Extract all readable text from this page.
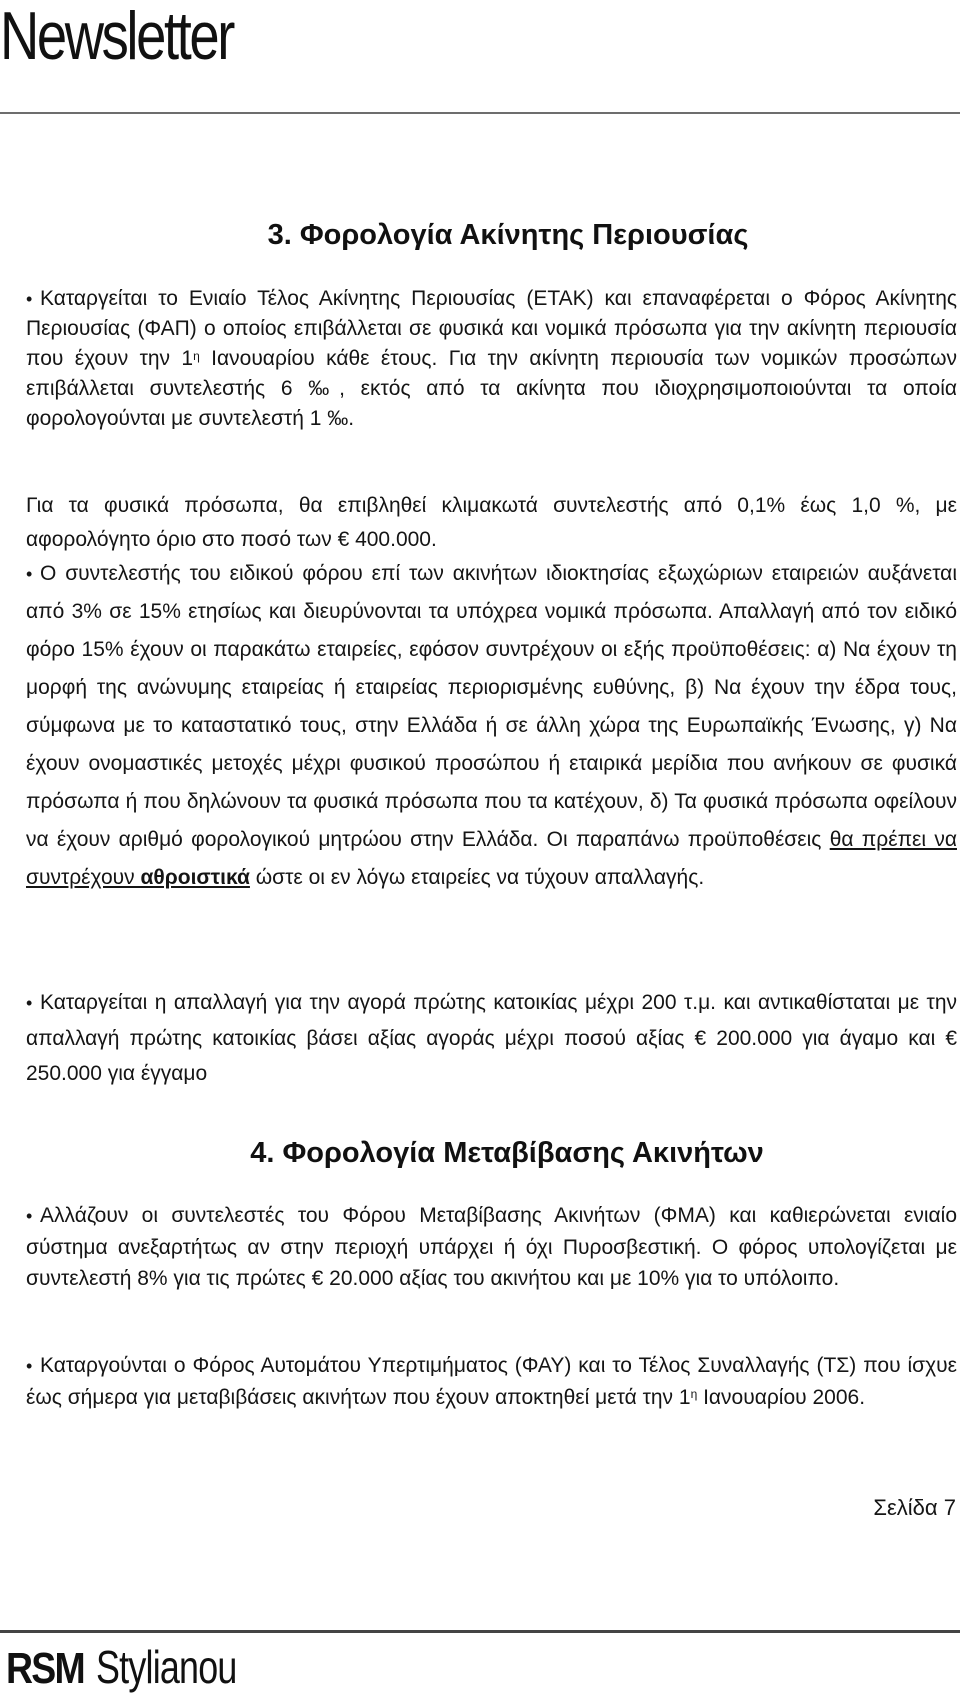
Newsletter
3. Φορολογία Ακίνητης Περιουσίας
• Καταργείται το Ενιαίο Τέλος Ακίνητης Περιουσίας (ΕΤΑΚ) και επαναφέρεται ο Φόρος Ακίνητης Περιουσίας (ΦΑΠ) ο οποίος επιβάλλεται σε φυσικά και νομικά πρόσωπα για την ακίνητη περιουσία που έχουν την $1^\eta$ Ιανουαρίου κάθε έτους. Για την ακίνητη περιουσία των νομικών προσώπων επιβάλλεται συντελεστής 6 ‰, εκτός από τα ακίνητα που ιδιοχρησιμοποιούνται τα οποία φορολογούνται με συντελεστή 1 ‰.
Για τα φυσικά πρόσωπα, θα επιβληθεί κλιμακωτά συντελεστής από 0,1% έως 1,0 %, με αφορολόγητο όριο στο ποσό των € 400.000.
• Ο συντελεστής του ειδικού φόρου επί των ακινήτων ιδιοκτησίας εξωχώριων εταιρειών αυξάνεται από 3% σε 15% ετησίως και διευρύνονται τα υπόχρεα νομικά πρόσωπα. Απαλλαγή από τον ειδικό φόρο 15% έχουν οι παρακάτω εταιρείες, εφόσον συντρέχουν οι εξής προϋποθέσεις: α) Να έχουν τη μορφή της ανώνυμης εταιρείας ή εταιρείας περιορισμένης ευθύνης, β) Να έχουν την έδρα τους, σύμφωνα με το καταστατικό τους, στην Ελλάδα ή σε άλλη χώρα της Ευρωπαϊκής Ένωσης, γ) Να έχουν ονομαστικές μετοχές μέχρι φυσικού προσώπου ή εταιρικά μερίδια που ανήκουν σε φυσικά πρόσωπα ή που δηλώνουν τα φυσικά πρόσωπα που τα κατέχουν, δ) Τα φυσικά πρόσωπα οφείλουν να έχουν αριθμό φορολογικού μητρώου στην Ελλάδα. Οι παραπάνω προϋποθέσεις θα πρέπει να συντρέχουν αθροιστικά ώστε οι εν λόγω εταιρείες να τύχουν απαλλαγής.
• Καταργείται η απαλλαγή για την αγορά πρώτης κατοικίας μέχρι 200 τ.μ. και αντικαθίσταται με την απαλλαγή πρώτης κατοικίας βάσει αξίας αγοράς μέχρι ποσού αξίας € 200.000 για άγαμο και € 250.000 για έγγαμο
4. Φορολογία Μεταβίβασης Ακινήτων
• Αλλάζουν οι συντελεστές του Φόρου Μεταβίβασης Ακινήτων (ΦΜΑ) και καθιερώνεται ενιαίο σύστημα ανεξαρτήτως αν στην περιοχή υπάρχει ή όχι Πυροσβεστική. Ο φόρος υπολογίζεται με συντελεστή 8% για τις πρώτες € 20.000 αξίας του ακινήτου και με 10% για το υπόλοιπο.
• Καταργούνται ο Φόρος Αυτομάτου Υπερτιμήματος (ΦΑΥ) και το Τέλος Συναλλαγής (ΤΣ) που ίσχυε έως σήμερα για μεταβιβάσεις ακινήτων που έχουν αποκτηθεί μετά την $1^\eta$ Ιανουαρίου 2006.
Σελίδα 7
RSM Stylianou
